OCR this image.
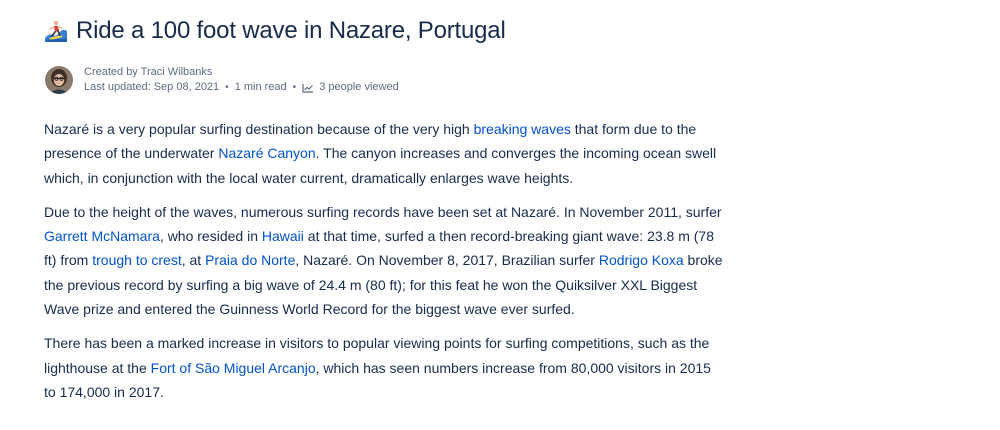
Ride a 100 foot wave in Nazare, Portugal
Created by Traci Wilbanks
Last updated: Sep 08, 2021 • 1 min read • 3 people viewed

Nazaré is a very popular surfing destination because of the very high breaking waves that form due to the presence of the underwater Nazaré Canyon. The canyon increases and converges the incoming ocean swell which, in conjunction with the local water current, dramatically enlarges wave heights.

Due to the height of the waves, numerous surfing records have been set at Nazaré. In November 2011, surfer Garrett McNamara, who resided in Hawaii at that time, surfed a then record-breaking giant wave: 23.8 m (78 ft) from trough to crest, at Praia do Norte, Nazaré. On November 8, 2017, Brazilian surfer Rodrigo Koxa broke the previous record by surfing a big wave of 24.4 m (80 ft); for this feat he won the Quiksilver XXL Biggest Wave prize and entered the Guinness World Record for the biggest wave ever surfed.

There has been a marked increase in visitors to popular viewing points for surfing competitions, such as the lighthouse at the Fort of São Miguel Arcanjo, which has seen numbers increase from 80,000 visitors in 2015 to 174,000 in 2017.
